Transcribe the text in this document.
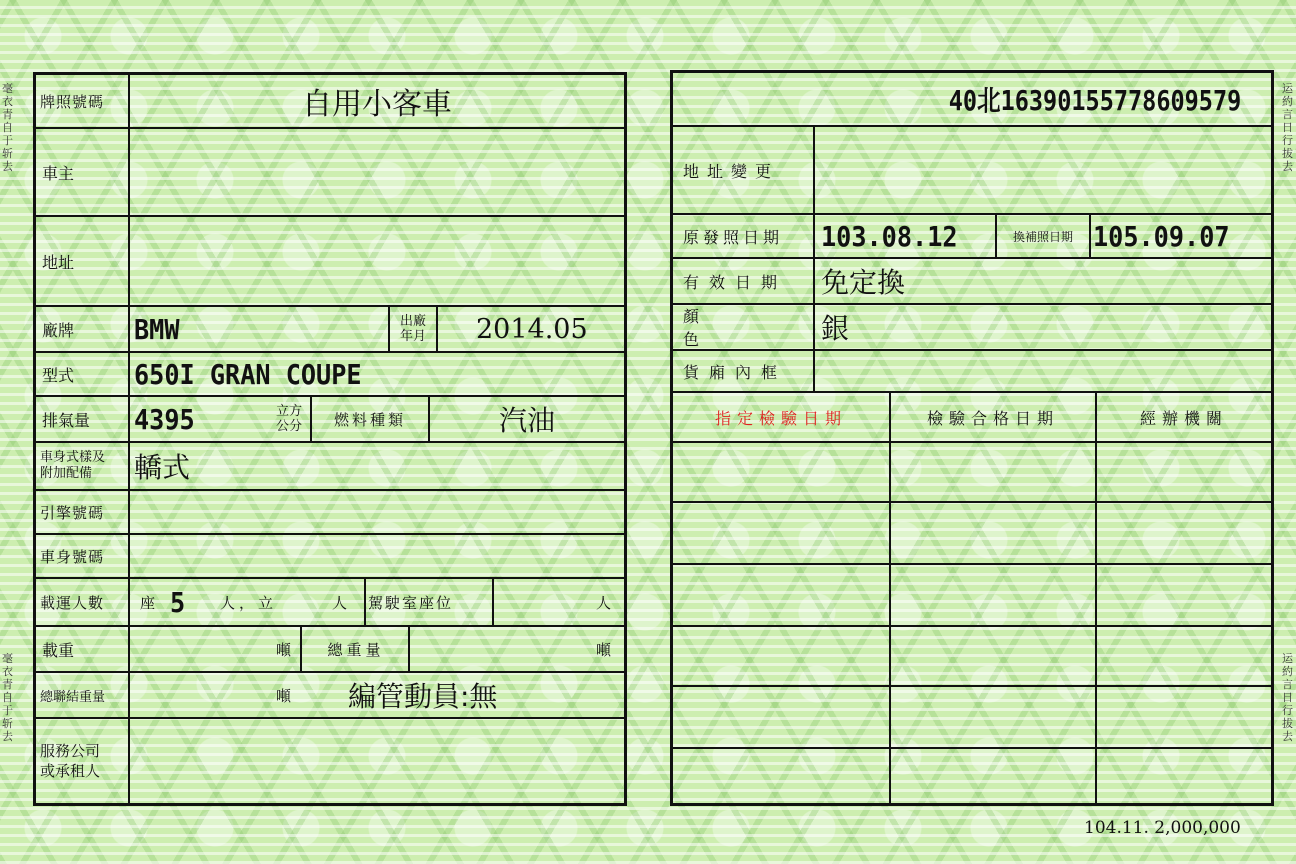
毫衣青自于斩去
毫衣青自于斩去
运約言日行拔去
运約言日行拔去
牌照號碼	自用小客車
車主
地址
廠牌 BMW	出廠年月 2014.05
型式 650I GRAN COUPE
排氣量 4395	立方公分	燃料種類	汽油
車身式樣及
附加配備 轎式
引擎號碼
車身號碼
載運人數	座 5 人，立	人	駕駛室座位	人
載重	噸	總重量	噸
總聯結重量	噸	編管動員:無
服務公司
或承租人
40北16390155778609579
地址變更
原發照日期 103.08.12	換補照日期 105.09.07
有效日期 免定換
顏色	銀
貨廂內框
指定檢驗日期	檢驗合格日期	經辦機關
104.11. 2,000,000
